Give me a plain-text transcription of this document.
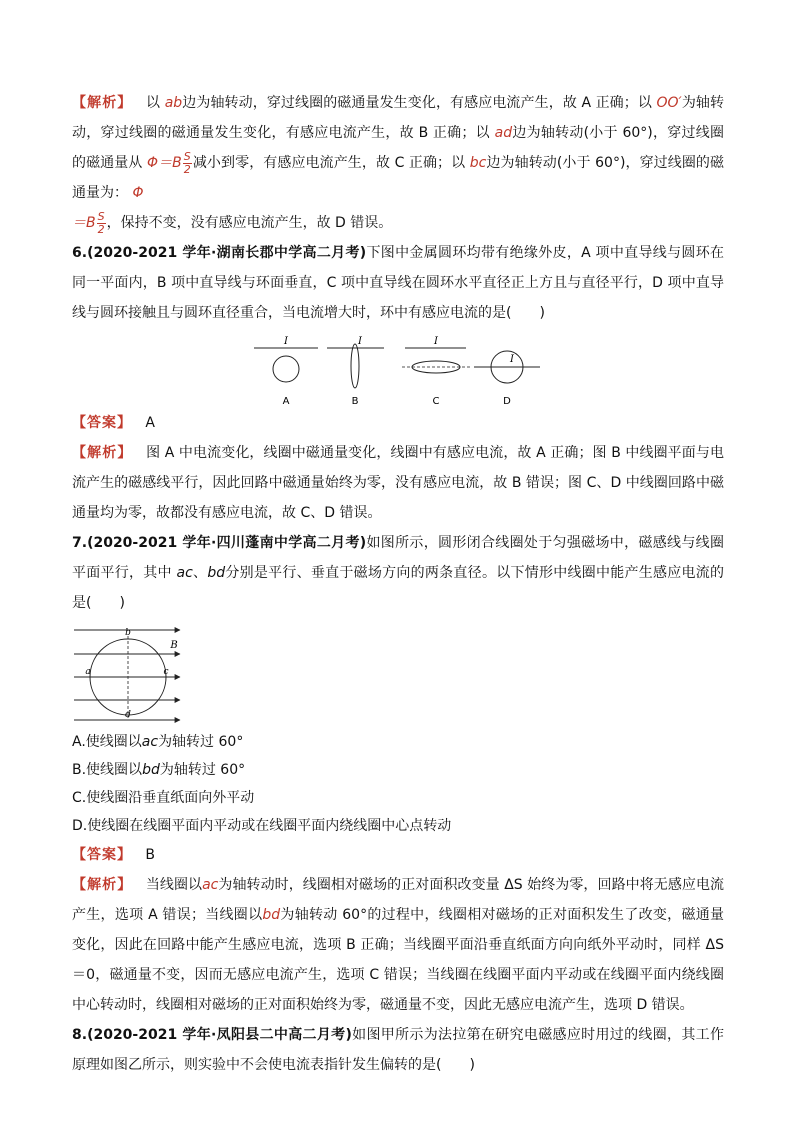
【解析】 以 ab边为轴转动，穿过线圈的磁通量发生变化，有感应电流产生，故 A 正确；以 OO′为轴转动，穿过线圈的磁通量发生变化，有感应电流产生，故 B 正确；以 ad边为轴转动(小于 60°)，穿过线圈的磁通量从 $\Phi=B \frac{S}{2}$ 减小到零，有感应电流产生，故 C 正确；以 bc边为轴转动(小于 60°)，穿过线圈的磁通量为： Φ
$=B \frac{S}{2}$ ，保持不变，没有感应电流产生，故 D 错误。

6.(2020-2021 学年·湖南长郡中学高二月考)下图中金属圆环均带有绝缘外皮，A 项中直导线与圆环在同一平面内，B 项中直导线与环面垂直，C 项中直导线在圆环水平直径正上方且与直径平行，D 项中直导线与圆环接触且与圆环直径重合，当电流增大时，环中有感应电流的是(　　)

I
A
I
B
I
C
I
D

【答案】 A

【解析】 图 A 中电流变化，线圈中磁通量变化，线圈中有感应电流，故 A 正确；图 B 中线圈平面与电流产生的磁感线平行，因此回路中磁通量始终为零，没有感应电流，故 B 错误；图 C、D 中线圈回路中磁通量均为零，故都没有感应电流，故 C、D 错误。

7.(2020-2021 学年·四川蓬南中学高二月考)如图所示，圆形闭合线圈处于匀强磁场中，磁感线与线圈平面平行，其中 ac、bd分别是平行、垂直于磁场方向的两条直径。以下情形中线圈中能产生感应电流的是(　　)

b
a	c
d
B

A.使线圈以ac为轴转过 60°

B.使线圈以bd为轴转过 60°

C.使线圈沿垂直纸面向外平动

D.使线圈在线圈平面内平动或在线圈平面内绕线圈中心点转动

【答案】 B

【解析】 当线圈以ac为轴转动时，线圈相对磁场的正对面积改变量 ΔS 始终为零，回路中将无感应电流产生，选项 A 错误；当线圈以bd为轴转动 60°的过程中，线圈相对磁场的正对面积发生了改变，磁通量变化，因此在回路中能产生感应电流，选项 B 正确；当线圈平面沿垂直纸面方向向纸外平动时，同样 ΔS＝0，磁通量不变，因而无感应电流产生，选项 C 错误；当线圈在线圈平面内平动或在线圈平面内绕线圈中心转动时，线圈相对磁场的正对面积始终为零，磁通量不变，因此无感应电流产生，选项 D 错误。

8.(2020-2021 学年·凤阳县二中高二月考)如图甲所示为法拉第在研究电磁感应时用过的线圈，其工作原理如图乙所示，则实验中不会使电流表指针发生偏转的是(　　)
